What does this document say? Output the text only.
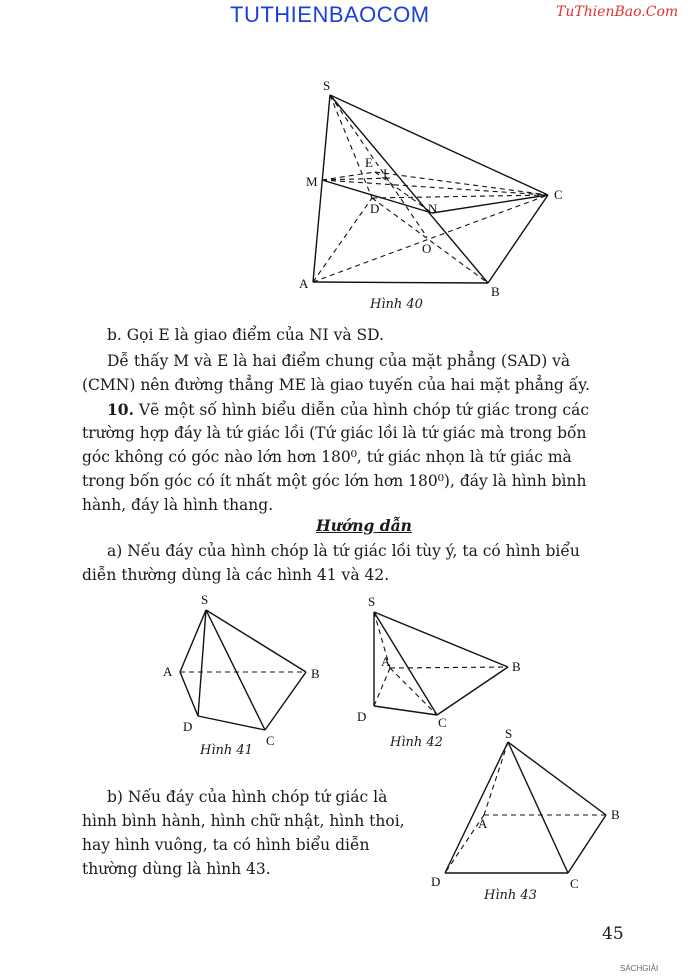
TUTHIENBAOCOM	TuThienBao.Com
S
E
I
M
D	N
C
O
A
B
Hình 40
b. Gọi E là giao điểm của NI và SD.
Dễ thấy M và E là hai điểm chung của mặt phẳng (SAD) và
(CMN) nên đường thẳng ME là giao tuyến của hai mặt phẳng ấy.
10. Vẽ một số hình biểu diễn của hình chóp tứ giác trong các
trường hợp đáy là tứ giác lồi (Tứ giác lồi là tứ giác mà trong bốn
góc không có góc nào lớn hơn 180⁰, tứ giác nhọn là tứ giác mà
trong bốn góc có ít nhất một góc lớn hơn 180⁰), đáy là hình bình
hành, đáy là hình thang.
Hướng dẫn
a) Nếu đáy của hình chóp là tứ giác lồi tùy ý, ta có hình biểu
diễn thường dùng là các hình 41 và 42.
S
A	B
D
C
Hình 41
S
A	B
D	C
Hình 42
b) Nếu đáy của hình chóp tứ giác là
hình bình hành, hình chữ nhật, hình thoi,
hay hình vuông, ta có hình biểu diễn
thường dùng là hình 43.
S
A
B
D	C
Hình 43
45
SÁCHGIẢI
